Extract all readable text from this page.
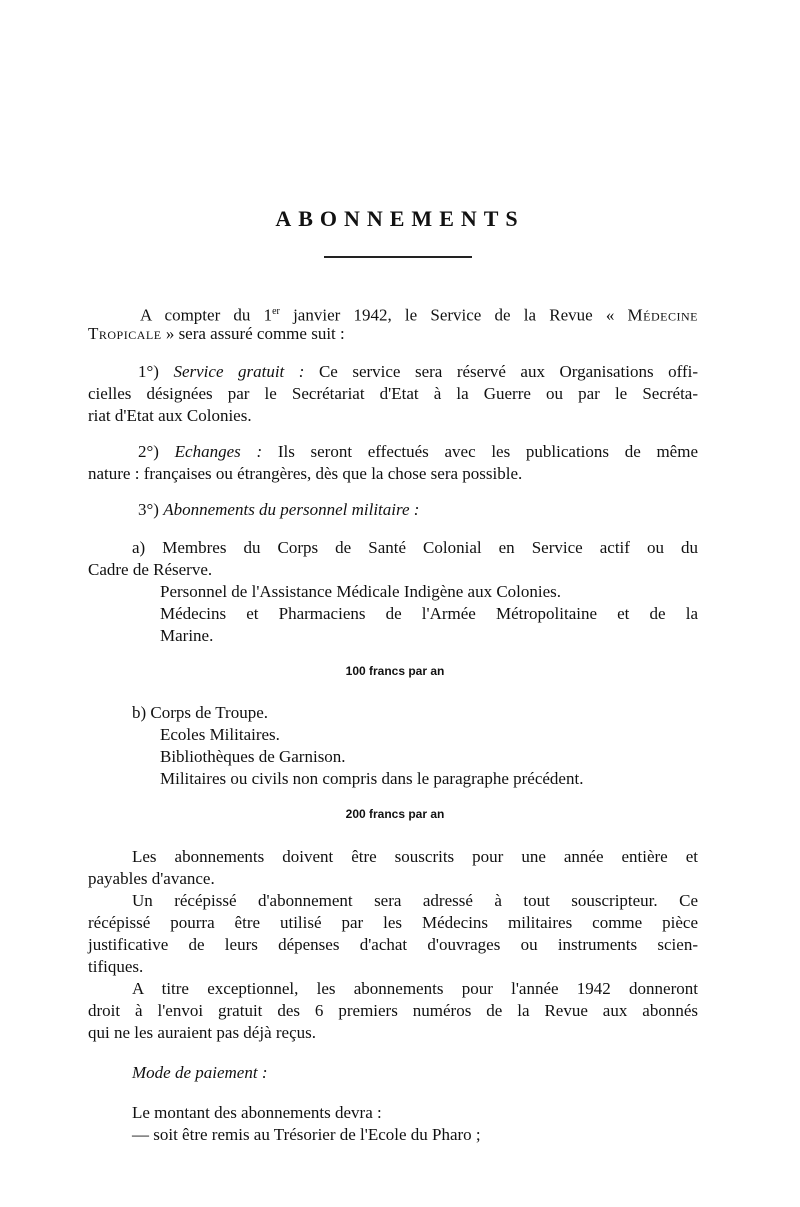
ABONNEMENTS

A compter du 1er janvier 1942, le Service de la Revue « Médecine

Tropicale » sera assuré comme suit :

1°) Service gratuit : Ce service sera réservé aux Organisations offi-

cielles désignées par le Secrétariat d'Etat à la Guerre ou par le Secréta-

riat d'Etat aux Colonies.

2°) Echanges : Ils seront effectués avec les publications de même

nature : françaises ou étrangères, dès que la chose sera possible.

3°) Abonnements du personnel militaire :

a) Membres du Corps de Santé Colonial en Service actif ou du

Cadre de Réserve.

Personnel de l'Assistance Médicale Indigène aux Colonies.

Médecins et Pharmaciens de l'Armée Métropolitaine et de la

Marine.

100 francs par an

b) Corps de Troupe.

Ecoles Militaires.

Bibliothèques de Garnison.

Militaires ou civils non compris dans le paragraphe précédent.

200 francs par an

Les abonnements doivent être souscrits pour une année entière et

payables d'avance.

Un récépissé d'abonnement sera adressé à tout souscripteur. Ce

récépissé pourra être utilisé par les Médecins militaires comme pièce

justificative de leurs dépenses d'achat d'ouvrages ou instruments scien-

tifiques.

A titre exceptionnel, les abonnements pour l'année 1942 donneront

droit à l'envoi gratuit des 6 premiers numéros de la Revue aux abonnés

qui ne les auraient pas déjà reçus.

Mode de paiement :

Le montant des abonnements devra :

— soit être remis au Trésorier de l'Ecole du Pharo ;
